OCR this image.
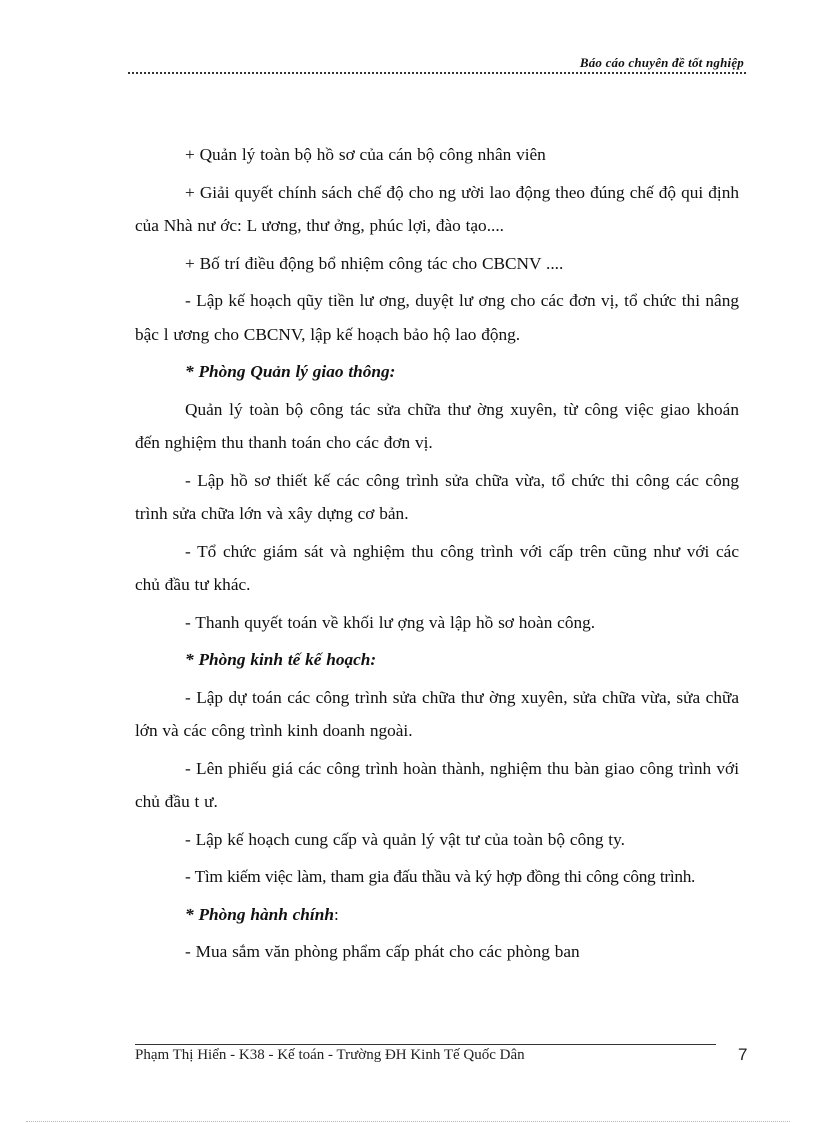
Báo cáo chuyên đề tốt nghiệp

+ Quản lý toàn bộ hồ sơ của cán bộ công nhân viên

+ Giải quyết chính sách chế độ cho ng ười lao động theo đúng chế độ qui định của Nhà nư ớc: L ương, thư ởng, phúc lợi, đào tạo....

+ Bố trí điều động bổ nhiệm công tác cho CBCNV ....

- Lập kế hoạch qũy tiền lư ơng, duyệt lư ơng cho các đơn vị, tổ chức thi nâng bậc l ương cho CBCNV, lập kế hoạch bảo hộ lao động.

* Phòng Quản lý giao thông:

Quản lý toàn bộ công tác sửa chữa thư ờng xuyên, từ công việc giao khoán đến nghiệm thu thanh toán cho các đơn vị.

- Lập hồ sơ thiết kế các công trình sửa chữa vừa, tổ chức thi công các công trình sửa chữa lớn và xây dựng cơ bản.

- Tổ chức giám sát và nghiệm thu công trình với cấp trên cũng như với các chủ đầu tư khác.

- Thanh quyết toán về khối lư ợng và lập hồ sơ hoàn công.

* Phòng kinh tế kế hoạch:

- Lập dự toán các công trình sửa chữa thư ờng xuyên, sửa chữa vừa, sửa chữa lớn và các công trình kinh doanh ngoài.

- Lên phiếu giá các công trình hoàn thành, nghiệm thu bàn giao công trình với chủ đầu t ư.

- Lập kế hoạch cung cấp và quản lý vật tư của toàn bộ công ty.

- Tìm kiếm việc làm, tham gia đấu thầu và ký hợp đồng thi công công trình.

* Phòng hành chính:

- Mua sắm văn phòng phẩm cấp phát cho các phòng ban

Phạm Thị Hiển - K38 - Kế toán - Trường ĐH Kinh Tế Quốc Dân	7
